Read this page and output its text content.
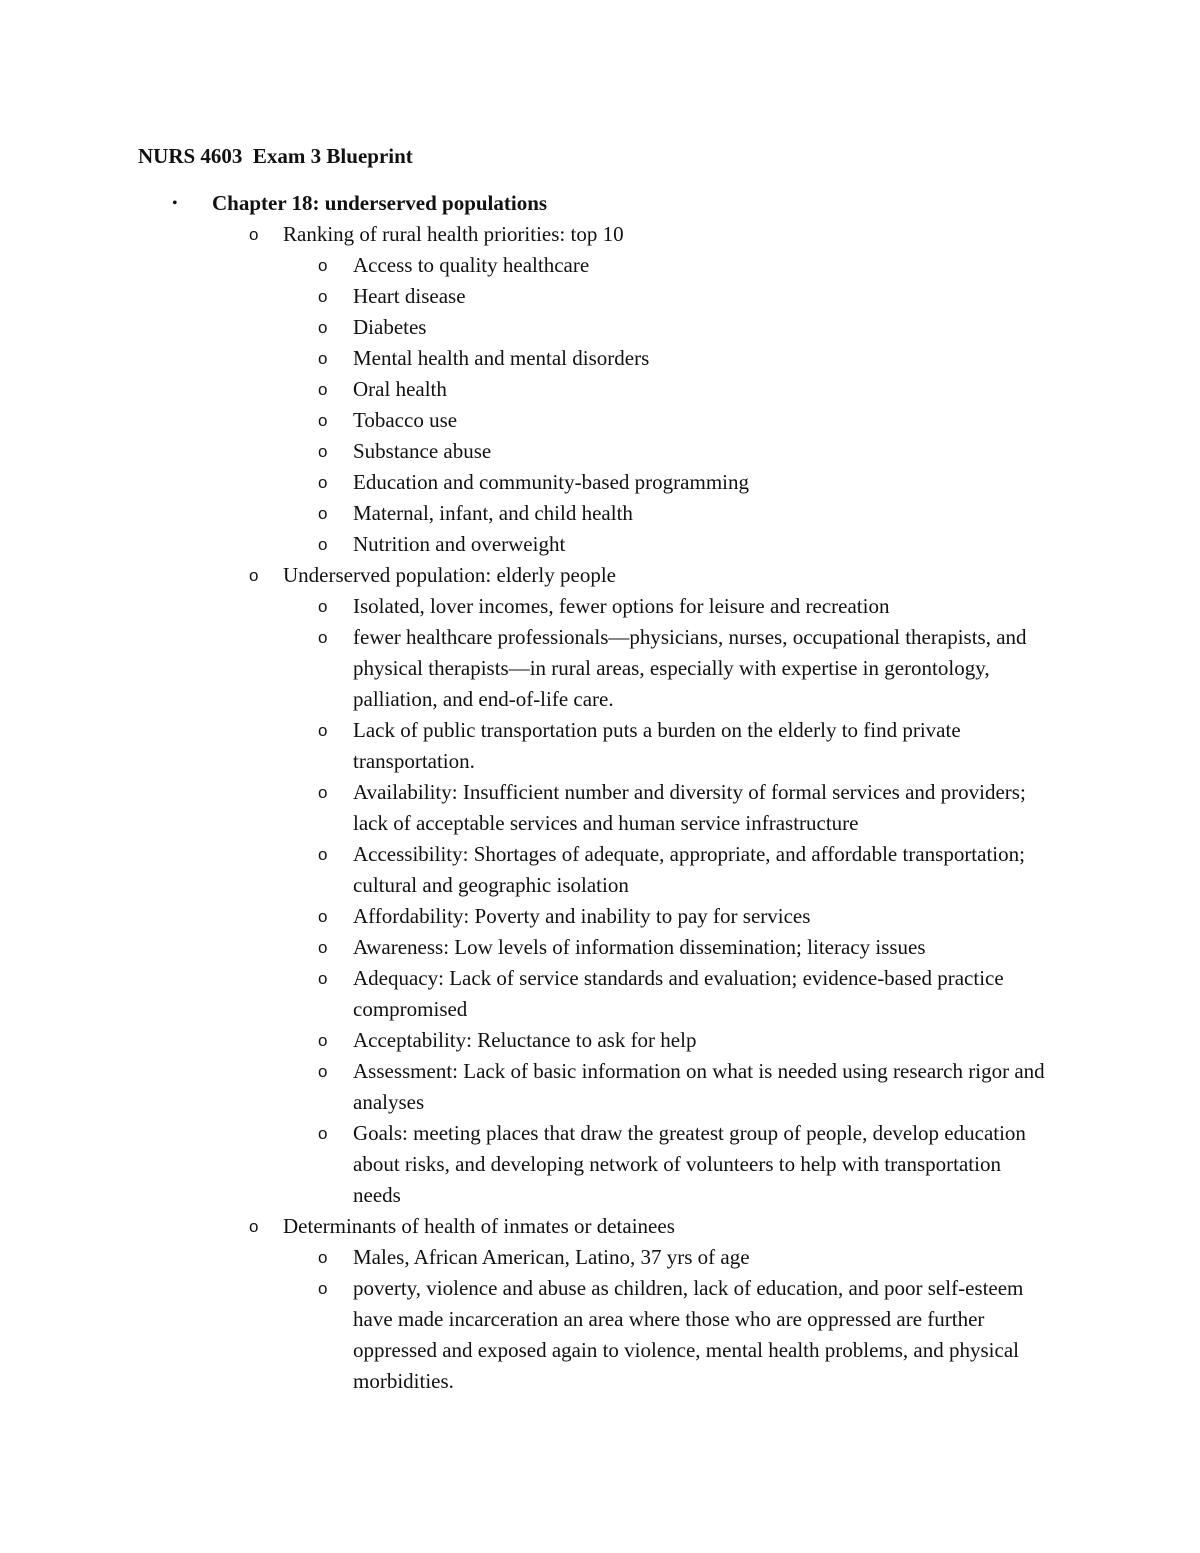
NURS 4603  Exam 3 Blueprint
• Chapter 18: underserved populations
o Ranking of rural health priorities: top 10
o Access to quality healthcare
o Heart disease
o Diabetes
o Mental health and mental disorders
o Oral health
o Tobacco use
o Substance abuse
o Education and community-based programming
o Maternal, infant, and child health
o Nutrition and overweight
o Underserved population: elderly people
o Isolated, lover incomes, fewer options for leisure and recreation
o fewer healthcare professionals—physicians, nurses, occupational therapists, and physical therapists—in rural areas, especially with expertise in gerontology, palliation, and end-of-life care.
o Lack of public transportation puts a burden on the elderly to find private transportation.
o Availability: Insufficient number and diversity of formal services and providers; lack of acceptable services and human service infrastructure
o Accessibility: Shortages of adequate, appropriate, and affordable transportation; cultural and geographic isolation
o Affordability: Poverty and inability to pay for services
o Awareness: Low levels of information dissemination; literacy issues
o Adequacy: Lack of service standards and evaluation; evidence-based practice compromised
o Acceptability: Reluctance to ask for help
o Assessment: Lack of basic information on what is needed using research rigor and analyses
o Goals: meeting places that draw the greatest group of people, develop education about risks, and developing network of volunteers to help with transportation needs
o Determinants of health of inmates or detainees
o Males, African American, Latino, 37 yrs of age
o poverty, violence and abuse as children, lack of education, and poor self-esteem have made incarceration an area where those who are oppressed are further oppressed and exposed again to violence, mental health problems, and physical morbidities.
